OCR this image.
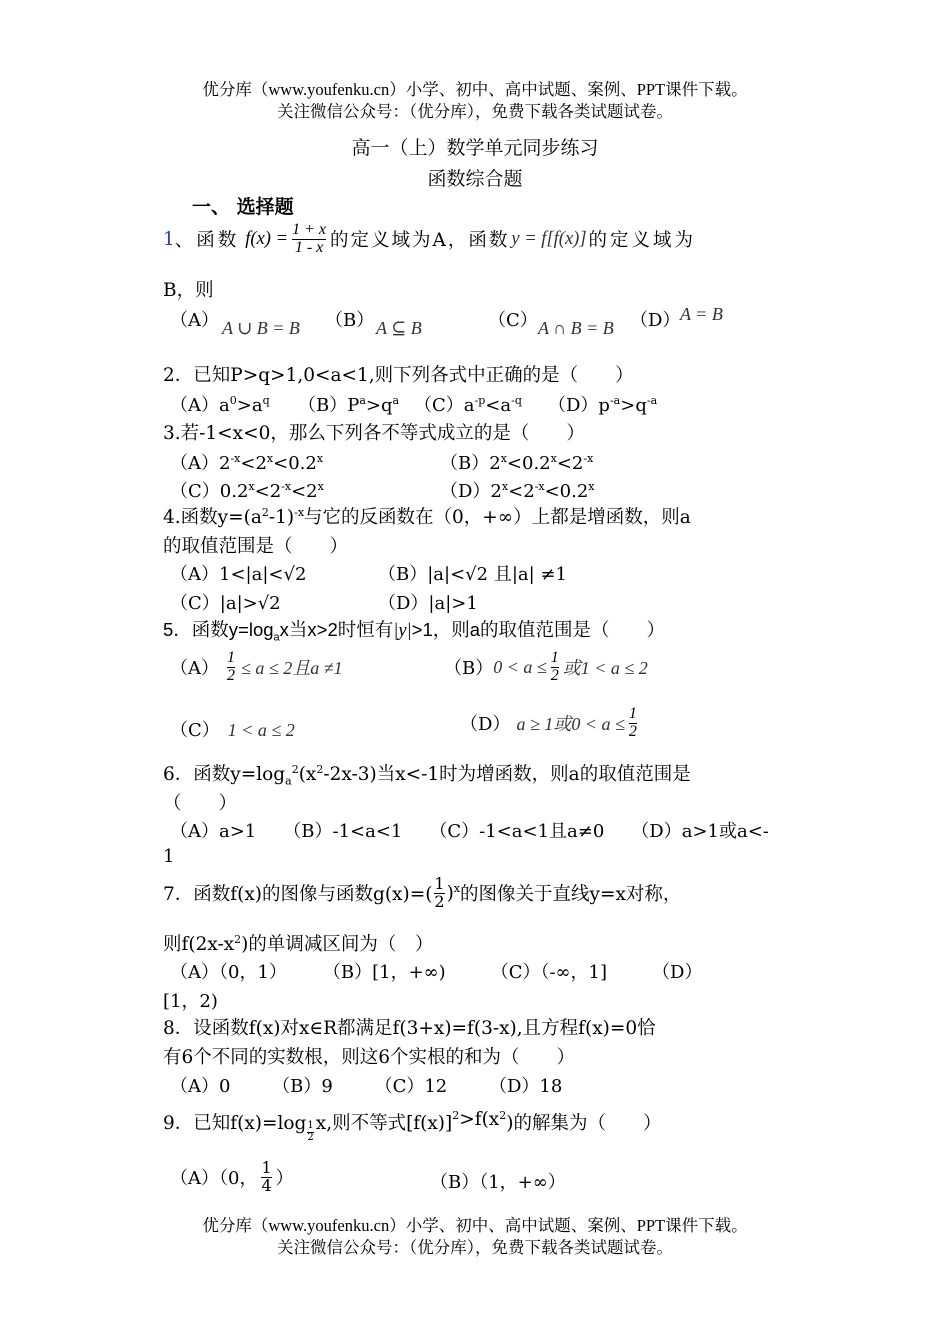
优分库（www.youfenku.cn）小学、初中、高中试题、案例、PPT课件下载。
关注微信公众号：（优分库），免费下载各类试题试卷。
高一（上）数学单元同步练习
函数综合题
一、 选择题
1 、函数 $f(x) = \frac{1 + x}{1 - x}$ 的定义域为A，函数 y = f[f(x)] 的定义域为
B，则
（A） A ∪ B = B （B） A ⊆ B	（C） A ∩ B = B （D） A = B
2．已知P>q>1,0<a<1,则下列各式中正确的是（　　）
$(A)a^0>a^q$ $(B)P^a>q^a$ $(C)a^{-p}<a^{-q}$ $(D)p^{-a}>q^{-a}$
3.若-1<x<0，那么下列各不等式成立的是（　　）
$(A)2^{-x}<2^x<0.2^x$	$(B)2^x<0.2^x<2^{-x}$
$(C)0.2^x<2^{-x}<2^x$	$(D)2^x<2^{-x}<0.2^x$
4.函数$y=(a^2-1)^{-x}$与它的反函数在（0，+∞）上都是增函数，则a
的取值范围是（　　）
（A）1<|a|<√2	（B）|a|<√2 且|a| ≠1
（C）|a|>√2	（D）|a|>1
5．函数$y=\log_ax$当x>2时恒有|y|>1，则a的取值范围是（　　）
$(A) \frac{1}{2} \le a \le 2$且a ≠1	（B） $0 < a \le \frac{1}{2}$ 或1 < a ≤ 2
（C） 1 < a ≤ 2	（D） a ≥ 1或$0 < a \le \frac{1}{2}$
6．函数$y=\log_a^2(x^2-2x-3)$当x<-1时为增函数，则a的取值范围是
（　　）
（A）a>1　　（B）-1<a<1　　（C）-1<a<1且a≠0　　（D）a>1或a<-
1
7．函数f(x)的图像与函数$g(x)=( \frac{1}{2} )^x$ 的图像关于直线y=x对称，
则$f(2x-x^2)$的单调减区间为（　）
（A）（0，1）　　　（B）[1，+∞)　　　（C）（-∞，1]　　　（D）
[1，2)
8．设函数f(x)对x∈R都满足f(3+x)=f(3-x),且方程f(x)=0恰
有6个不同的实数根，则这6个实根的和为（　　）
（A）0　　 （B）9　　 （C）12　　 （D）18
9．已知$f(x)=\log \frac{1}{2} x$,则不等式$[f(x)]^2 >f(x^2$ )的解集为（　　）
（A）（0， $\frac{1}{4}$ ）	（B）（1，+∞）
优分库（www.youfenku.cn）小学、初中、高中试题、案例、PPT课件下载。
关注微信公众号：（优分库），免费下载各类试题试卷。
